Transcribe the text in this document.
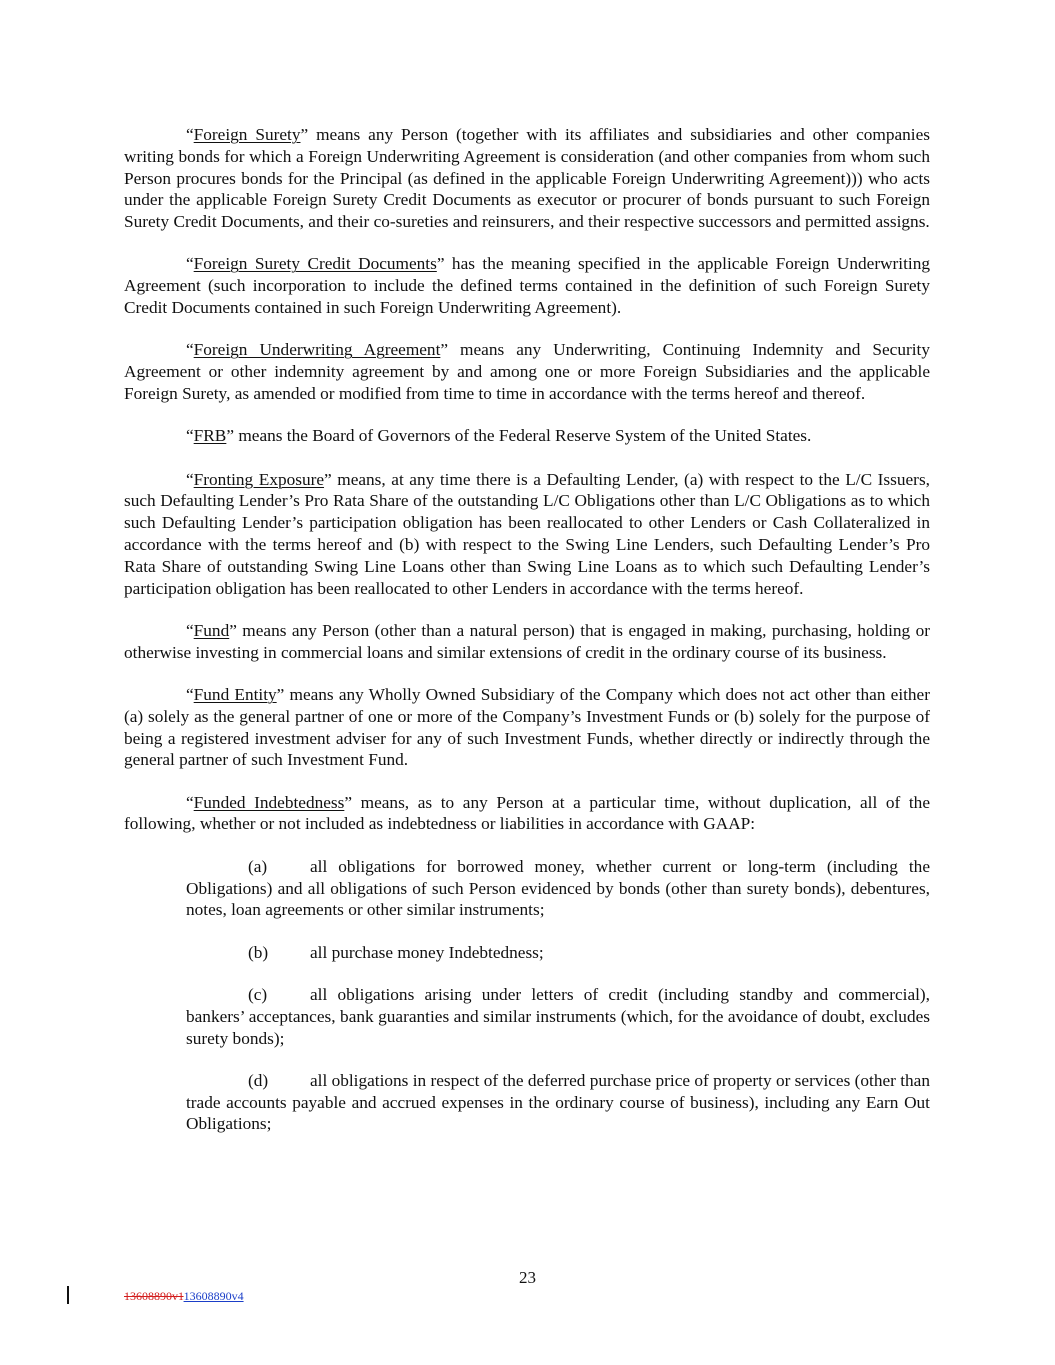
“Foreign Surety” means any Person (together with its affiliates and subsidiaries and other companies writing bonds for which a Foreign Underwriting Agreement is consideration (and other companies from whom such Person procures bonds for the Principal (as defined in the applicable Foreign Underwriting Agreement))) who acts under the applicable Foreign Surety Credit Documents as executor or procurer of bonds pursuant to such Foreign Surety Credit Documents, and their co-sureties and reinsurers, and their respective successors and permitted assigns.

“Foreign Surety Credit Documents” has the meaning specified in the applicable Foreign Underwriting Agreement (such incorporation to include the defined terms contained in the definition of such Foreign Surety Credit Documents contained in such Foreign Underwriting Agreement).

“Foreign Underwriting Agreement” means any Underwriting, Continuing Indemnity and Security Agreement or other indemnity agreement by and among one or more Foreign Subsidiaries and the applicable Foreign Surety, as amended or modified from time to time in accordance with the terms hereof and thereof.

“FRB” means the Board of Governors of the Federal Reserve System of the United States.

“Fronting Exposure” means, at any time there is a Defaulting Lender, (a) with respect to the L/C Issuers, such Defaulting Lender’s Pro Rata Share of the outstanding L/C Obligations other than L/C Obligations as to which such Defaulting Lender’s participation obligation has been reallocated to other Lenders or Cash Collateralized in accordance with the terms hereof and (b) with respect to the Swing Line Lenders, such Defaulting Lender’s Pro Rata Share of outstanding Swing Line Loans other than Swing Line Loans as to which such Defaulting Lender’s participation obligation has been reallocated to other Lenders in accordance with the terms hereof.

“Fund” means any Person (other than a natural person) that is engaged in making, purchasing, holding or otherwise investing in commercial loans and similar extensions of credit in the ordinary course of its business.

“Fund Entity” means any Wholly Owned Subsidiary of the Company which does not act other than either (a) solely as the general partner of one or more of the Company’s Investment Funds or (b) solely for the purpose of being a registered investment adviser for any of such Investment Funds, whether directly or indirectly through the general partner of such Investment Fund.

“Funded Indebtedness” means, as to any Person at a particular time, without duplication, all of the following, whether or not included as indebtedness or liabilities in accordance with GAAP:

(a) all obligations for borrowed money, whether current or long-term (including the Obligations) and all obligations of such Person evidenced by bonds (other than surety bonds), debentures, notes, loan agreements or other similar instruments;

(b) all purchase money Indebtedness;

(c) all obligations arising under letters of credit (including standby and commercial), bankers’ acceptances, bank guaranties and similar instruments (which, for the avoidance of doubt, excludes surety bonds);

(d) all obligations in respect of the deferred purchase price of property or services (other than trade accounts payable and accrued expenses in the ordinary course of business), including any Earn Out Obligations;

23
13608890v113608890v4
